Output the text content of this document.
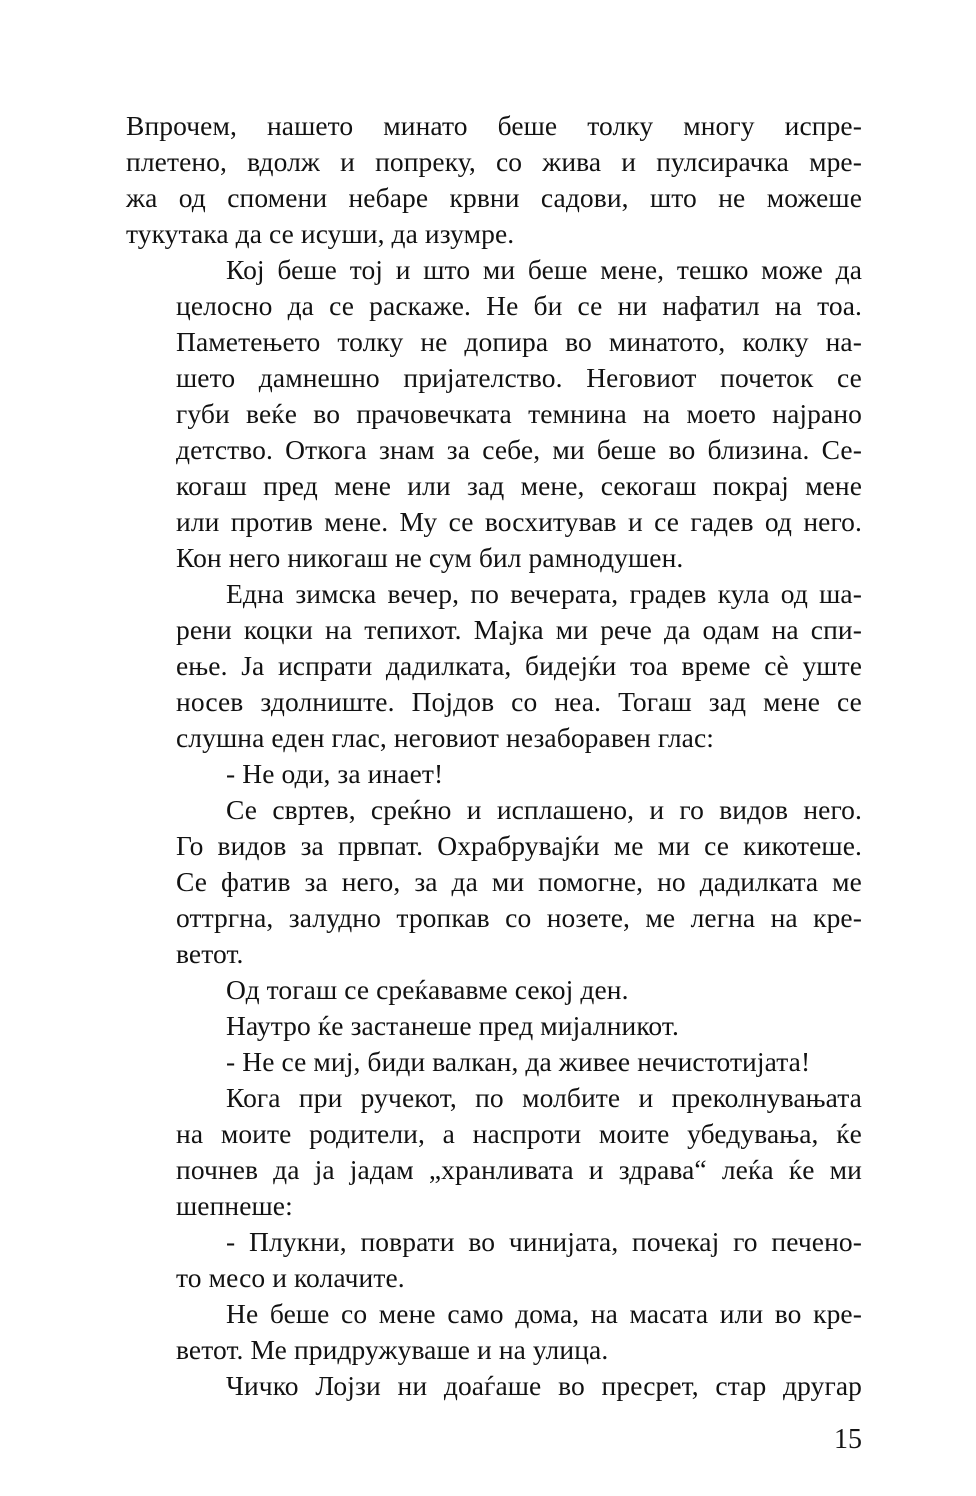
Впрочем, нашето минато беше толку многу испре-
плетено, вдолж и попреку, со жива и пулсирачка мре-
жа од спомени небаре крвни садови, што не можеше
тукутака да се исуши, да изумре.

Кој беше тој и што ми беше мене, тешко може да
целосно да се раскаже. Не би се ни нафатил на тоа.
Паметењето толку не допира во минатото, колку на-
шето дамнешно пријателство. Неговиот почеток се
губи веќе во прачовечката темнина на моето најрано
детство. Откога знам за себе, ми беше во близина. Се-
когаш пред мене или зад мене, секогаш покрај мене
или против мене. Му се восхитував и се гадев од него.
Кон него никогаш не сум бил рамнодушен.

Една зимска вечер, по вечерата, градев кула од ша-
рени коцки на тепихот. Мајка ми рече да одам на спи-
ење. Ја испрати дадилката, бидејќи тоа време сѐ уште
носев здолниште. Појдов со неа. Тогаш зад мене се
слушна еден глас, неговиот незаборавен глас:

- Не оди, за инает!

Се свртев, среќно и исплашено, и го видов него.
Го видов за првпат. Охрабрувајќи ме ми се кикотеше.
Се фатив за него, за да ми помогне, но дадилката ме
оттргна, залудно тропкав со нозете, ме легна на кре-
ветот.

Од тогаш се среќававме секој ден.

Наутро ќе застанеше пред мијалникот.

- Не се миј, биди валкан, да живее нечистотијата!

Кога при ручекот, по молбите и преколнувањата
на моите родители, а наспроти моите убедувања, ќе
почнев да ја јадам „хранливата и здрава“ леќа ќе ми
шепнеше:

- Плукни, поврати во чинијата, почекај го печено-
то месо и колачите.

Не беше со мене само дома, на масата или во кре-
ветот. Ме придружуваше и на улица.

Чичко Лојзи ни доаѓаше во пресрет, стар другар

15
